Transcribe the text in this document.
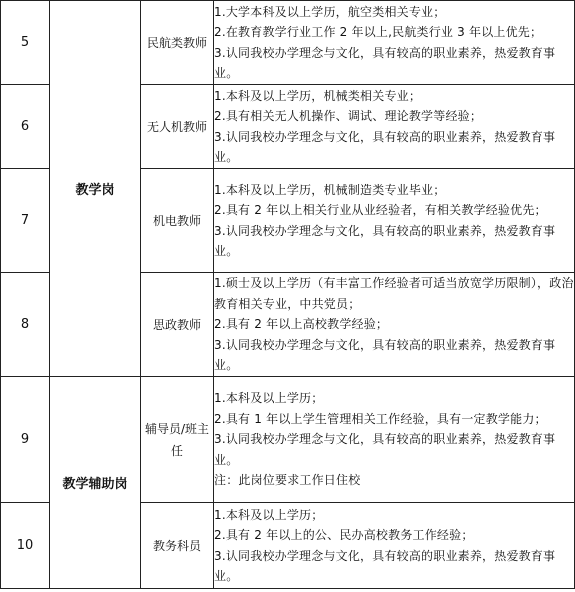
5	教学岗	民航类教师	1.大学本科及以上学历，航空类相关专业；
2.在教育教学行业工作 2 年以上,民航类行业 3 年以上优先；
3.认同我校办学理念与文化，具有较高的职业素养，热爱教育事业。

6		无人机教师	1.本科及以上学历，机械类相关专业；
2.具有相关无人机操作、调试、理论教学等经验；
3.认同我校办学理念与文化，具有较高的职业素养，热爱教育事业。

7		机电教师	1.本科及以上学历，机械制造类专业毕业；
2.具有 2 年以上相关行业从业经验者，有相关教学经验优先；
3.认同我校办学理念与文化，具有较高的职业素养，热爱教育事业。

8		思政教师	1.硕士及以上学历（有丰富工作经验者可适当放宽学历限制），政治教育相关专业，中共党员；
2.具有 2 年以上高校教学经验；
3.认同我校办学理念与文化，具有较高的职业素养，热爱教育事业。

9	教学辅助岗	辅导员/班主任	1.本科及以上学历；
2.具有 1 年以上学生管理相关工作经验，具有一定教学能力；
3.认同我校办学理念与文化，具有较高的职业素养，热爱教育事业。
注：此岗位要求工作日住校

10		教务科员	1.本科及以上学历；
2.具有 2 年以上的公、民办高校教务工作经验；
3.认同我校办学理念与文化，具有较高的职业素养，热爱教育事业。
